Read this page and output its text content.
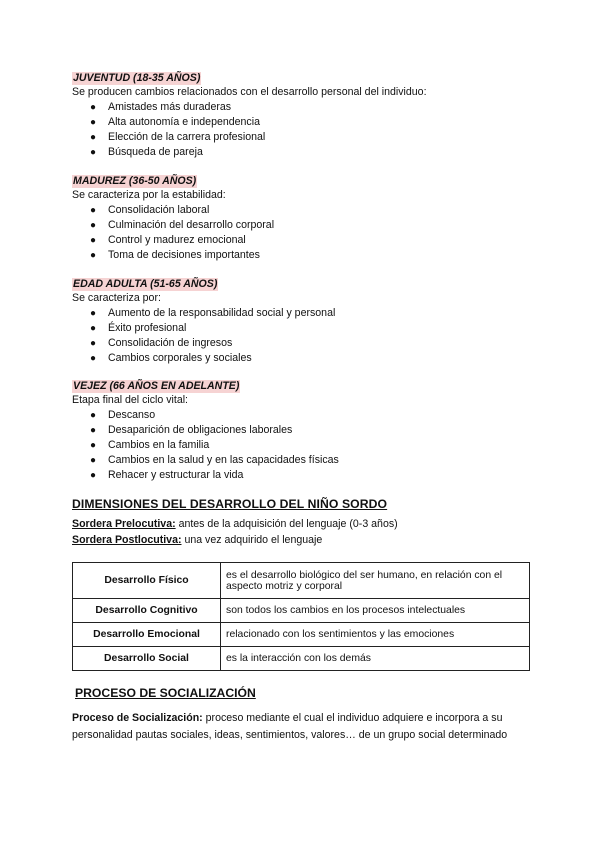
JUVENTUD (18-35 AÑOS)
Se producen cambios relacionados con el desarrollo personal del individuo:
● Amistades más duraderas
● Alta autonomía e independencia
● Elección de la carrera profesional
● Búsqueda de pareja
MADUREZ (36-50 AÑOS)
Se caracteriza por la estabilidad:
● Consolidación laboral
● Culminación del desarrollo corporal
● Control y madurez emocional
● Toma de decisiones importantes
EDAD ADULTA (51-65 AÑOS)
Se caracteriza por:
● Aumento de la responsabilidad social y personal
● Éxito profesional
● Consolidación de ingresos
● Cambios corporales y sociales
VEJEZ (66 AÑOS EN ADELANTE)
Etapa final del ciclo vital:
● Descanso
● Desaparición de obligaciones laborales
● Cambios en la familia
● Cambios en la salud y en las capacidades físicas
● Rehacer y estructurar la vida
DIMENSIONES DEL DESARROLLO DEL NIÑO SORDO
Sordera Prelocutiva: antes de la adquisición del lenguaje (0-3 años)
Sordera Postlocutiva: una vez adquirido el lenguaje
Desarrollo Físico	es el desarrollo biológico del ser humano, en relación con el aspecto motriz y corporal
Desarrollo Cognitivo	son todos los cambios en los procesos intelectuales
Desarrollo Emocional	relacionado con los sentimientos y las emociones
Desarrollo Social	es la interacción con los demás
PROCESO DE SOCIALIZACIÓN
Proceso de Socialización: proceso mediante el cual el individuo adquiere e incorpora a su personalidad pautas sociales, ideas, sentimientos, valores… de un grupo social determinado
